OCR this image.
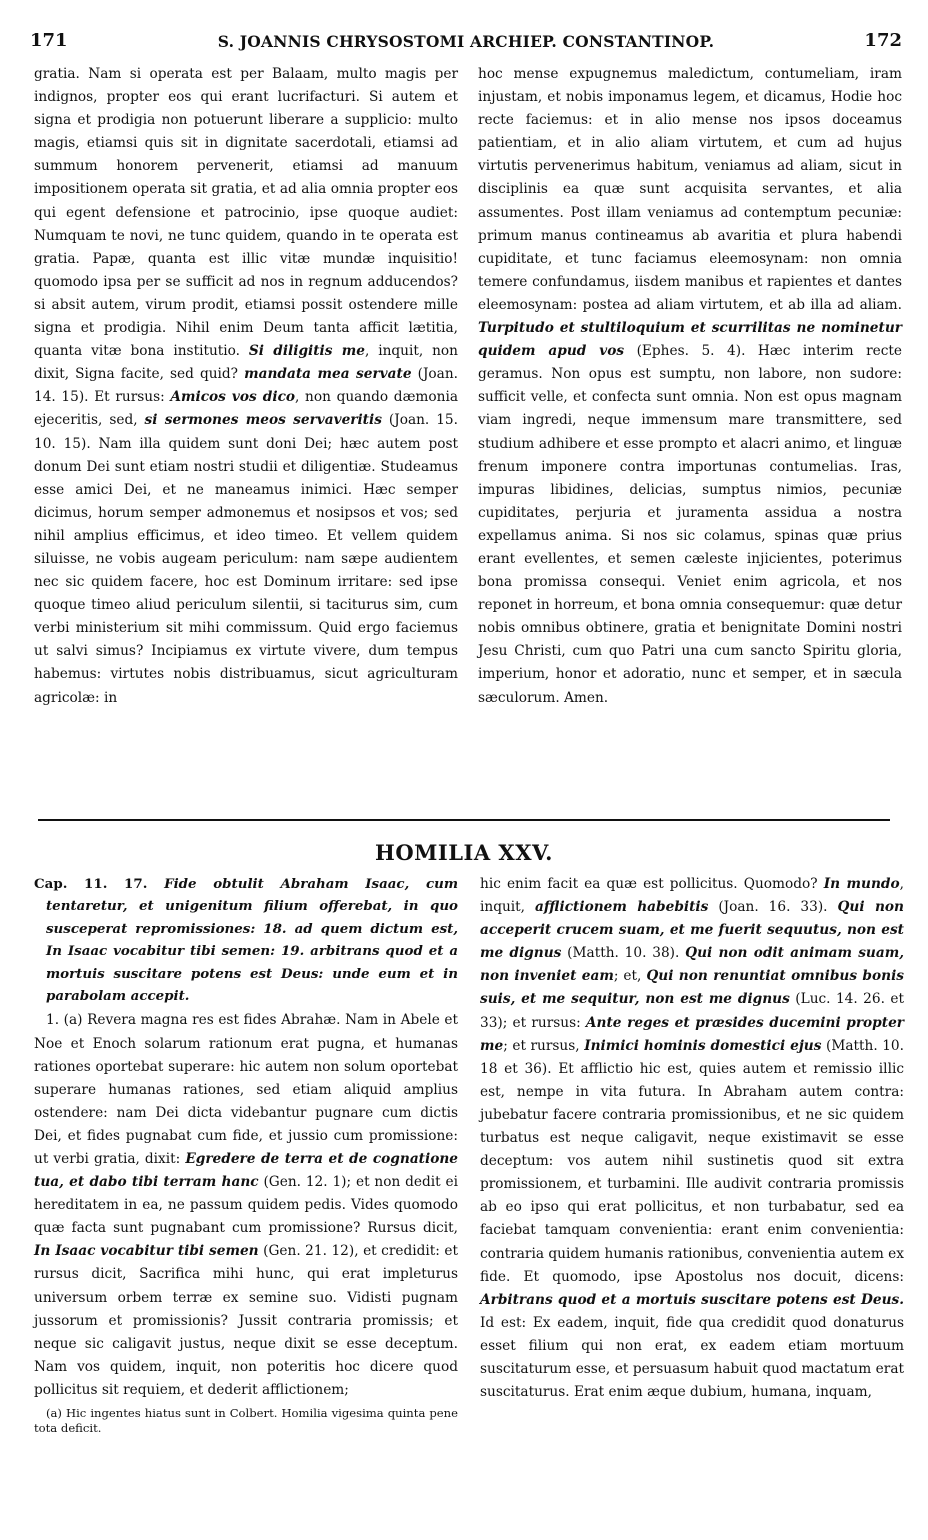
171	S. JOANNIS CHRYSOSTOMI ARCHIEP. CONSTANTINOP.	172

gratia. Nam si operata est per Balaam, multo magis per indignos, propter eos qui erant lucrifacturi. Si autem et signa et prodigia non potuerunt liberare a supplicio: multo magis, etiamsi quis sit in dignitate sacerdotali, etiamsi ad summum honorem pervenerit, etiamsi ad manuum impositionem operata sit gratia, et ad alia omnia propter eos qui egent defensione et patrocinio, ipse quoque audiet: Numquam te novi, ne tunc quidem, quando in te operata est gratia. Papæ, quanta est illic vitæ mundæ inquisitio! quomodo ipsa per se sufficit ad nos in regnum adducendos? si absit autem, virum prodit, etiamsi possit ostendere mille signa et prodigia. Nihil enim Deum tanta afficit lætitia, quanta vitæ bona institutio. Si diligitis me, inquit, non dixit, Signa facite, sed quid? mandata mea servate (Joan. 14. 15). Et rursus: Amicos vos dico, non quando dæmonia ejeceritis, sed, si sermones meos servaveritis (Joan. 15. 10. 15). Nam illa quidem sunt doni Dei; hæc autem post donum Dei sunt etiam nostri studii et diligentiæ. Studeamus esse amici Dei, et ne maneamus inimici. Hæc semper dicimus, horum semper admonemus et nosipsos et vos; sed nihil amplius efficimus, et ideo timeo. Et vellem quidem siluisse, ne vobis augeam periculum: nam sæpe audientem nec sic quidem facere, hoc est Dominum irritare: sed ipse quoque timeo aliud periculum silentii, si taciturus sim, cum verbi ministerium sit mihi commissum. Quid ergo faciemus ut salvi simus? Incipiamus ex virtute vivere, dum tempus habemus: virtutes nobis distribuamus, sicut agriculturam agricolæ: in

hoc mense expugnemus maledictum, contumeliam, iram injustam, et nobis imponamus legem, et dicamus, Hodie hoc recte faciemus: et in alio mense nos ipsos doceamus patientiam, et in alio aliam virtutem, et cum ad hujus virtutis pervenerimus habitum, veniamus ad aliam, sicut in disciplinis ea quæ sunt acquisita servantes, et alia assumentes. Post illam veniamus ad contemptum pecuniæ: primum manus contineamus ab avaritia et plura habendi cupiditate, et tunc faciamus eleemosynam: non omnia temere confundamus, iisdem manibus et rapientes et dantes eleemosynam: postea ad aliam virtutem, et ab illa ad aliam. Turpitudo et stultiloquium et scurrilitas ne nominetur quidem apud vos (Ephes. 5. 4). Hæc interim recte geramus. Non opus est sumptu, non labore, non sudore: sufficit velle, et confecta sunt omnia. Non est opus magnam viam ingredi, neque immensum mare transmittere, sed studium adhibere et esse prompto et alacri animo, et linguæ frenum imponere contra importunas contumelias. Iras, impuras libidines, delicias, sumptus nimios, pecuniæ cupiditates, perjuria et juramenta assidua a nostra expellamus anima. Si nos sic colamus, spinas quæ prius erant evellentes, et semen cæleste injicientes, poterimus bona promissa consequi. Veniet enim agricola, et nos reponet in horreum, et bona omnia consequemur: quæ detur nobis omnibus obtinere, gratia et benignitate Domini nostri Jesu Christi, cum quo Patri una cum sancto Spiritu gloria, imperium, honor et adoratio, nunc et semper, et in sæcula sæculorum. Amen.

HOMILIA XXV.

Cap. 11. 17. Fide obtulit Abraham Isaac, cum tentaretur, et unigenitum filium offerebat, in quo susceperat repromissiones: 18. ad quem dictum est, In Isaac vocabitur tibi semen: 19. arbitrans quod et a mortuis suscitare potens est Deus: unde eum et in parabolam accepit.

1. (a) Revera magna res est fides Abrahæ. Nam in Abele et Noe et Enoch solarum rationum erat pugna, et humanas rationes oportebat superare: hic autem non solum oportebat superare humanas rationes, sed etiam aliquid amplius ostendere: nam Dei dicta videbantur pugnare cum dictis Dei, et fides pugnabat cum fide, et jussio cum promissione: ut verbi gratia, dixit: Egredere de terra et de cognatione tua, et dabo tibi terram hanc (Gen. 12. 1); et non dedit ei hereditatem in ea, ne passum quidem pedis. Vides quomodo quæ facta sunt pugnabant cum promissione? Rursus dicit, In Isaac vocabitur tibi semen (Gen. 21. 12), et credidit: et rursus dicit, Sacrifica mihi hunc, qui erat impleturus universum orbem terræ ex semine suo. Vidisti pugnam jussorum et promissionis? Jussit contraria promissis; et neque sic caligavit justus, neque dixit se esse deceptum. Nam vos quidem, inquit, non poteritis hoc dicere quod pollicitus sit requiem, et dederit afflictionem;

(a) Hic ingentes hiatus sunt in Colbert. Homilia vigesima quinta pene tota deficit.

hic enim facit ea quæ est pollicitus. Quomodo? In mundo, inquit, afflictionem habebitis (Joan. 16. 33). Qui non acceperit crucem suam, et me fuerit sequutus, non est me dignus (Matth. 10. 38). Qui non odit animam suam, non inveniet eam; et, Qui non renuntiat omnibus bonis suis, et me sequitur, non est me dignus (Luc. 14. 26. et 33); et rursus: Ante reges et præsides ducemini propter me; et rursus, Inimici hominis domestici ejus (Matth. 10. 18 et 36). Et afflictio hic est, quies autem et remissio illic est, nempe in vita futura. In Abraham autem contra: jubebatur facere contraria promissionibus, et ne sic quidem turbatus est neque caligavit, neque existimavit se esse deceptum: vos autem nihil sustinetis quod sit extra promissionem, et turbamini. Ille audivit contraria promissis ab eo ipso qui erat pollicitus, et non turbabatur, sed ea faciebat tamquam convenientia: erant enim convenientia: contraria quidem humanis rationibus, convenientia autem ex fide. Et quomodo, ipse Apostolus nos docuit, dicens: Arbitrans quod et a mortuis suscitare potens est Deus. Id est: Ex eadem, inquit, fide qua credidit quod donaturus esset filium qui non erat, ex eadem etiam mortuum suscitaturum esse, et persuasum habuit quod mactatum erat suscitaturus. Erat enim æque dubium, humana, inquam,
